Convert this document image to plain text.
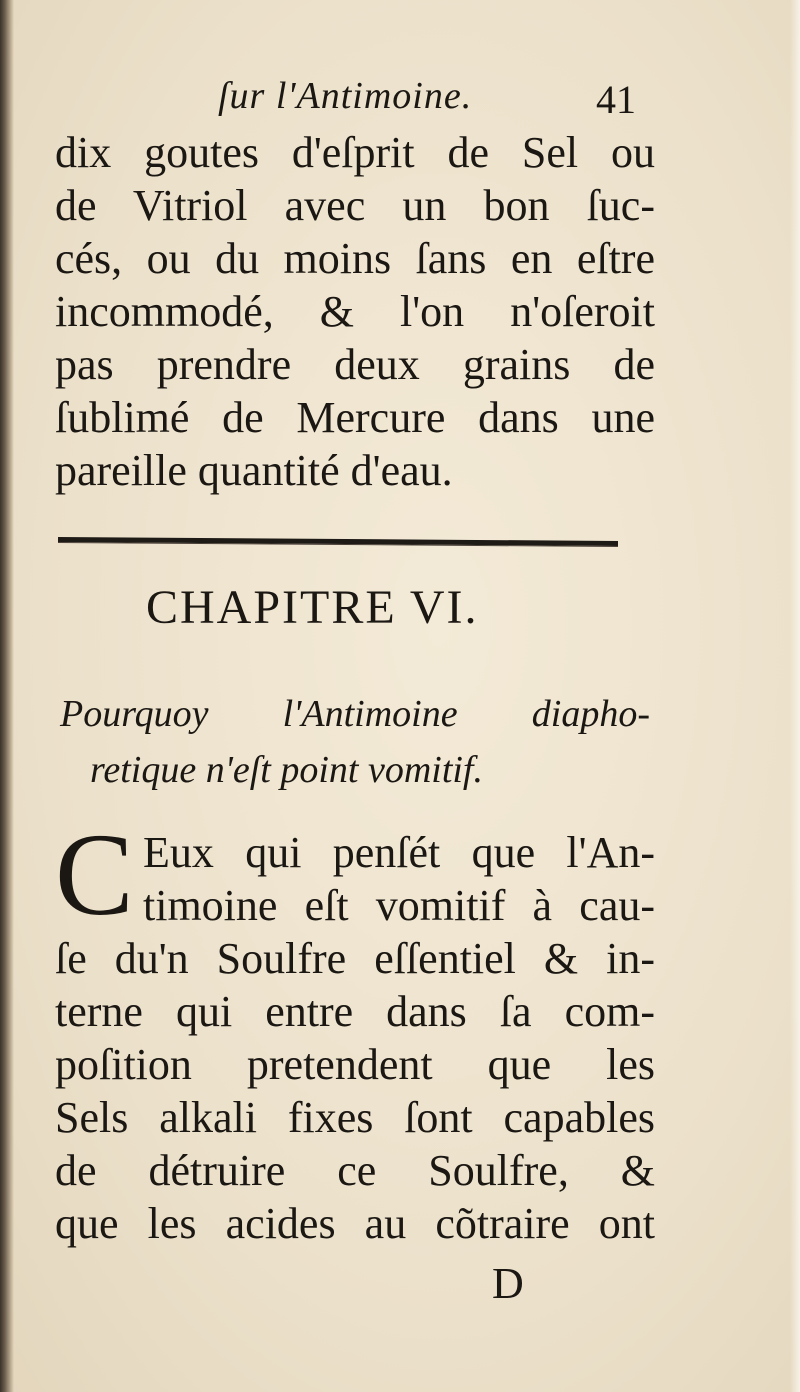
ſur l'Antimoine.	41
dix goutes d'eſprit de Sel ou
de Vitriol avec un bon ſuc-
cés, ou du moins ſans en eſtre
incommodé, & l'on n'oſeroit
pas prendre deux grains de
ſublimé de Mercure dans une
pareille quantité d'eau.
CHAPITRE VI.
Pourquoy l'Antimoine diapho-
retique n'eſt point vomitif.
C Eux qui penſét que l'An-
timoine eſt vomitif à cau-
ſe du'n Soulfre eſſentiel & in-
terne qui entre dans ſa com-
poſition pretendent que les
Sels alkali fixes ſont capables
de détruire ce Soulfre, &
que les acides au cõtraire ont
D
